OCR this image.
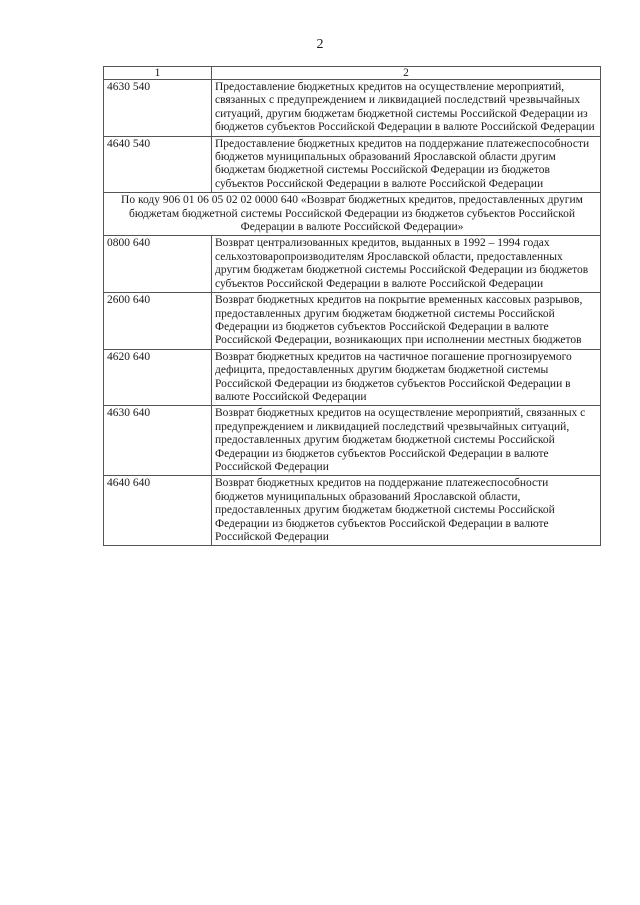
2
1	2
4630 540	Предоставление бюджетных кредитов на осуществление мероприятий, связанных с предупреждением и ликвидацией последствий чрезвычайных ситуаций, другим бюджетам бюджетной системы Российской Федерации из бюджетов субъектов Российской Федерации в валюте Российской Федерации
4640 540	Предоставление бюджетных кредитов на поддержание платежеспособности бюджетов муниципальных образований Ярославской области другим бюджетам бюджетной системы Российской Федерации из бюджетов субъектов Российской Федерации в валюте Российской Федерации
По коду 906 01 06 05 02 02 0000 640 «Возврат бюджетных кредитов, предоставленных другим бюджетам бюджетной системы Российской Федерации из бюджетов субъектов Российской Федерации в валюте Российской Федерации»	
0800 640	Возврат централизованных кредитов, выданных в 1992 – 1994 годах сельхозтоваропроизводителям Ярославской области, предоставленных другим бюджетам бюджетной системы Российской Федерации из бюджетов субъектов Российской Федерации в валюте Российской Федерации
2600 640	Возврат бюджетных кредитов на покрытие временных кассовых разрывов, предоставленных другим бюджетам бюджетной системы Российской Федерации из бюджетов субъектов Российской Федерации в валюте Российской Федерации, возникающих при исполнении местных бюджетов
4620 640	Возврат бюджетных кредитов на частичное погашение прогнозируемого дефицита, предоставленных другим бюджетам бюджетной системы Российской Федерации из бюджетов субъектов Российской Федерации в валюте Российской Федерации
4630 640	Возврат бюджетных кредитов на осуществление мероприятий, связанных с предупреждением и ликвидацией последствий чрезвычайных ситуаций, предоставленных другим бюджетам бюджетной системы Российской Федерации из бюджетов субъектов Российской Федерации в валюте Российской Федерации
4640 640	Возврат бюджетных кредитов на поддержание платежеспособности бюджетов муниципальных образований Ярославской области, предоставленных другим бюджетам бюджетной системы Российской Федерации из бюджетов субъектов Российской Федерации в валюте Российской Федерации
